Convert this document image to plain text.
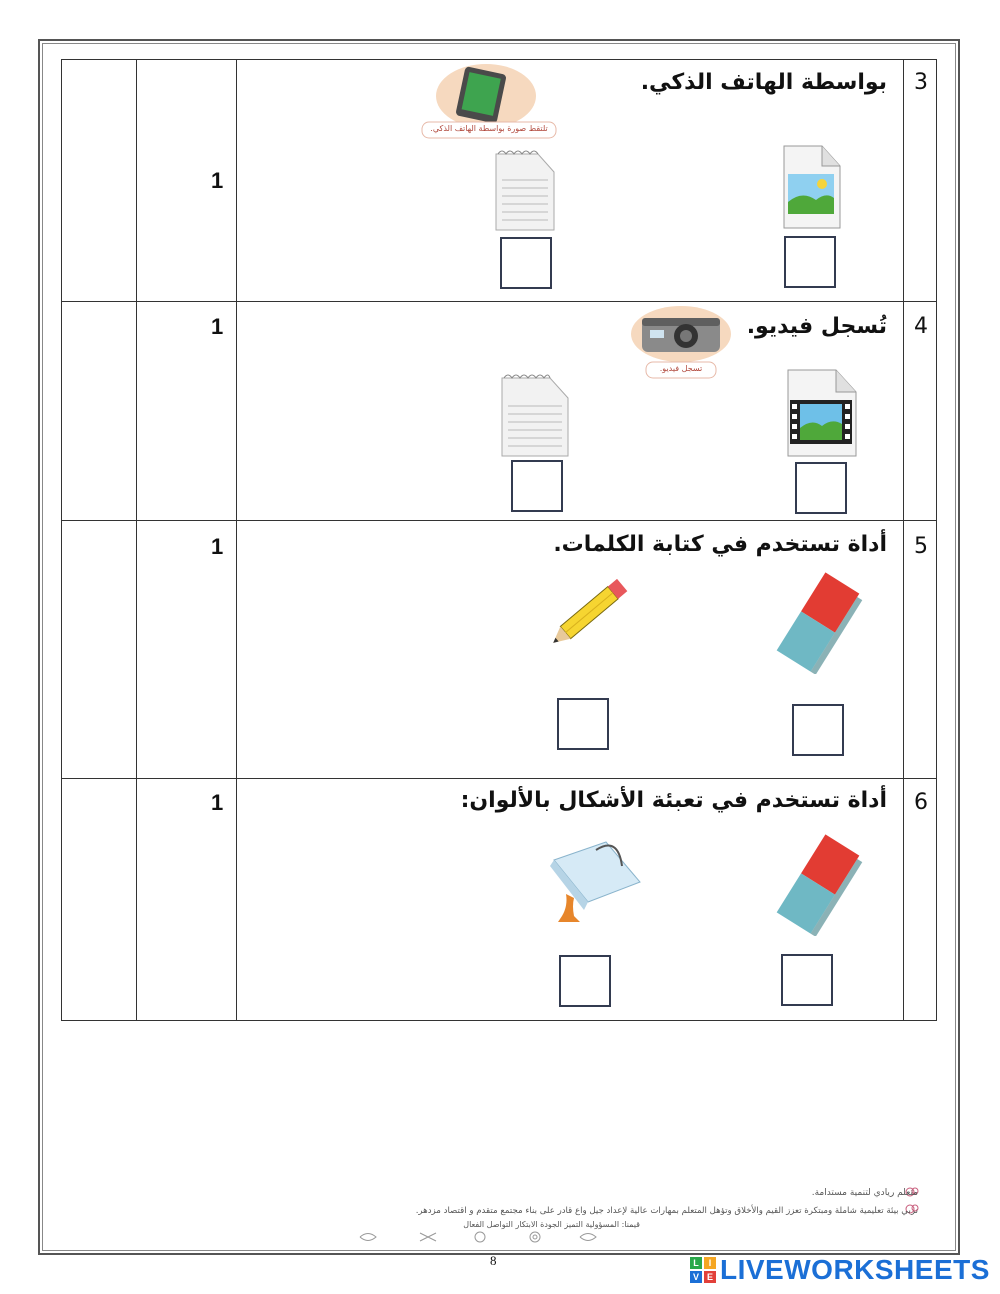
3
بواسطة الهاتف الذكي.
1
تلتقط صورة بواسطة الهاتف الذكي.
4
تُسجل فيديو.
1
تسجل فيديو.
5
أداة تستخدم في كتابة الكلمات.
1
6
أداة تستخدم في تعبئة الأشكال بالألوان:
1
متعلم ريادي لتنمية مستدامة.
نربي بيئة تعليمية شاملة ومبتكرة تعزز القيم والأخلاق وتؤهل المتعلم بمهارات عالية لإعداد جيل واع قادر على بناء مجتمع متقدم و اقتصاد مزدهر.
قيمنا: المسؤولية التميز الجودة الابتكار التواصل الفعال
8	L	I
V E LIVEWORKSHEETS
